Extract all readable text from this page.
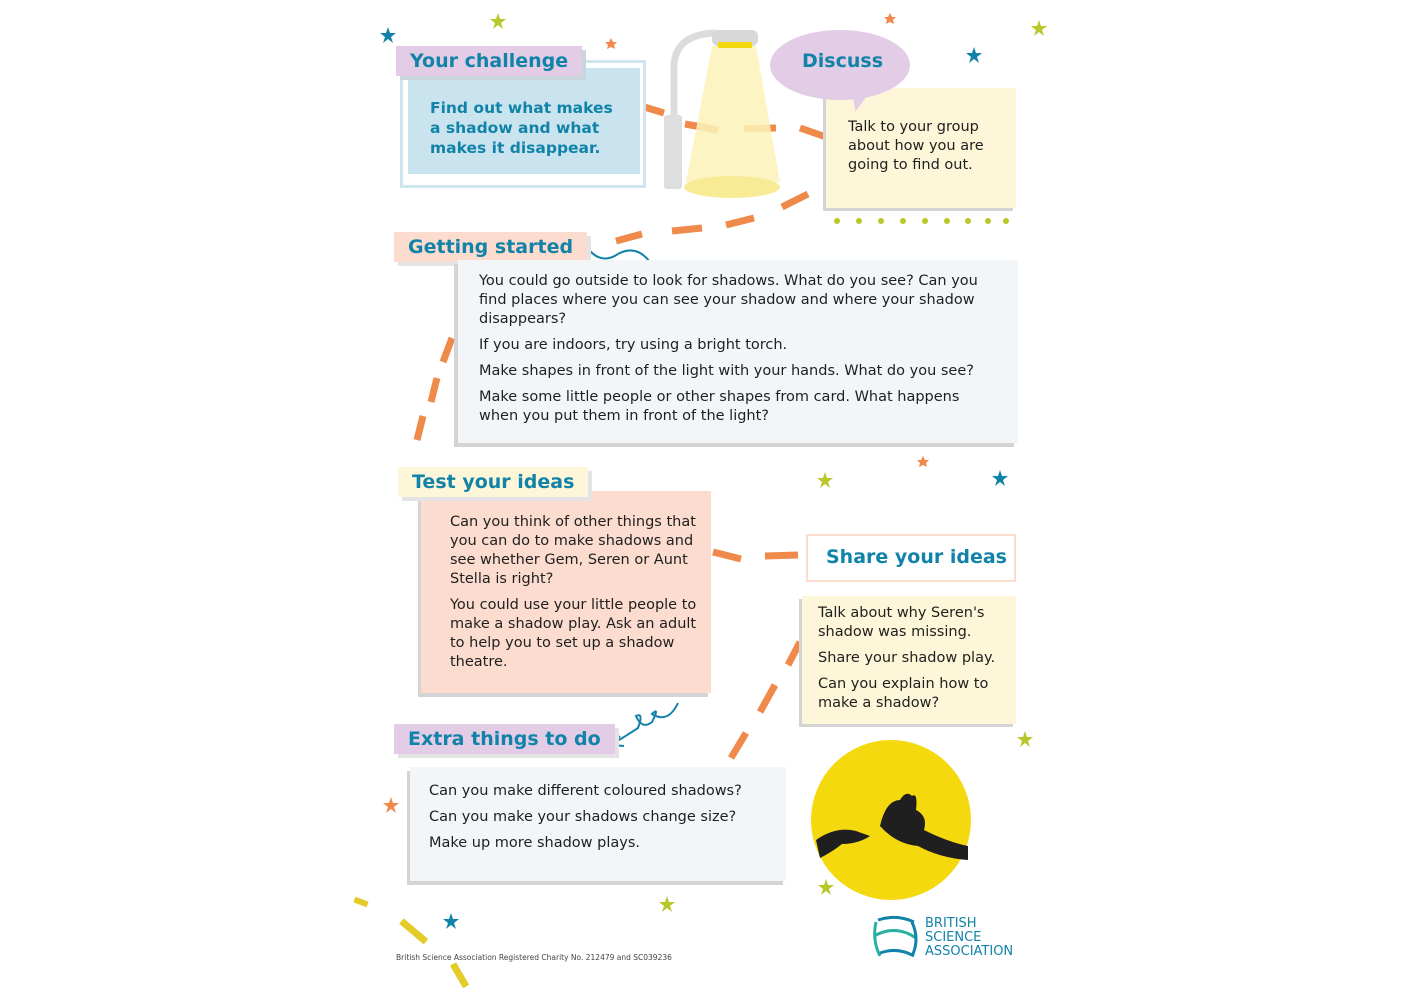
Find out what makes a shadow and what makes it disappear.
Your challenge
Talk to your group about how you are going to find out.
Discuss
Getting started

You could go outside to look for shadows. What do you see? Can you find places where you can see your shadow and where your shadow disappears?

If you are indoors, try using a bright torch.

Make shapes in front of the light with your hands. What do you see?

Make some little people or other shapes from card. What happens when you put them in front of the light?

Can you think of other things that you can do to make shadows and see whether Gem, Seren or Aunt Stella is right?

You could use your little people to make a shadow play. Ask an adult to help you to set up a shadow theatre.

Test your ideas
Share your ideas

Talk about why Seren's shadow was missing.

Share your shadow play.

Can you explain how to make a shadow?

Extra things to do

Can you make different coloured shadows?

Can you make your shadows change size?

Make up more shadow plays.

British Science Association Registered Charity No. 212479 and SC039236
BRITISH
SCIENCE
ASSOCIATION
